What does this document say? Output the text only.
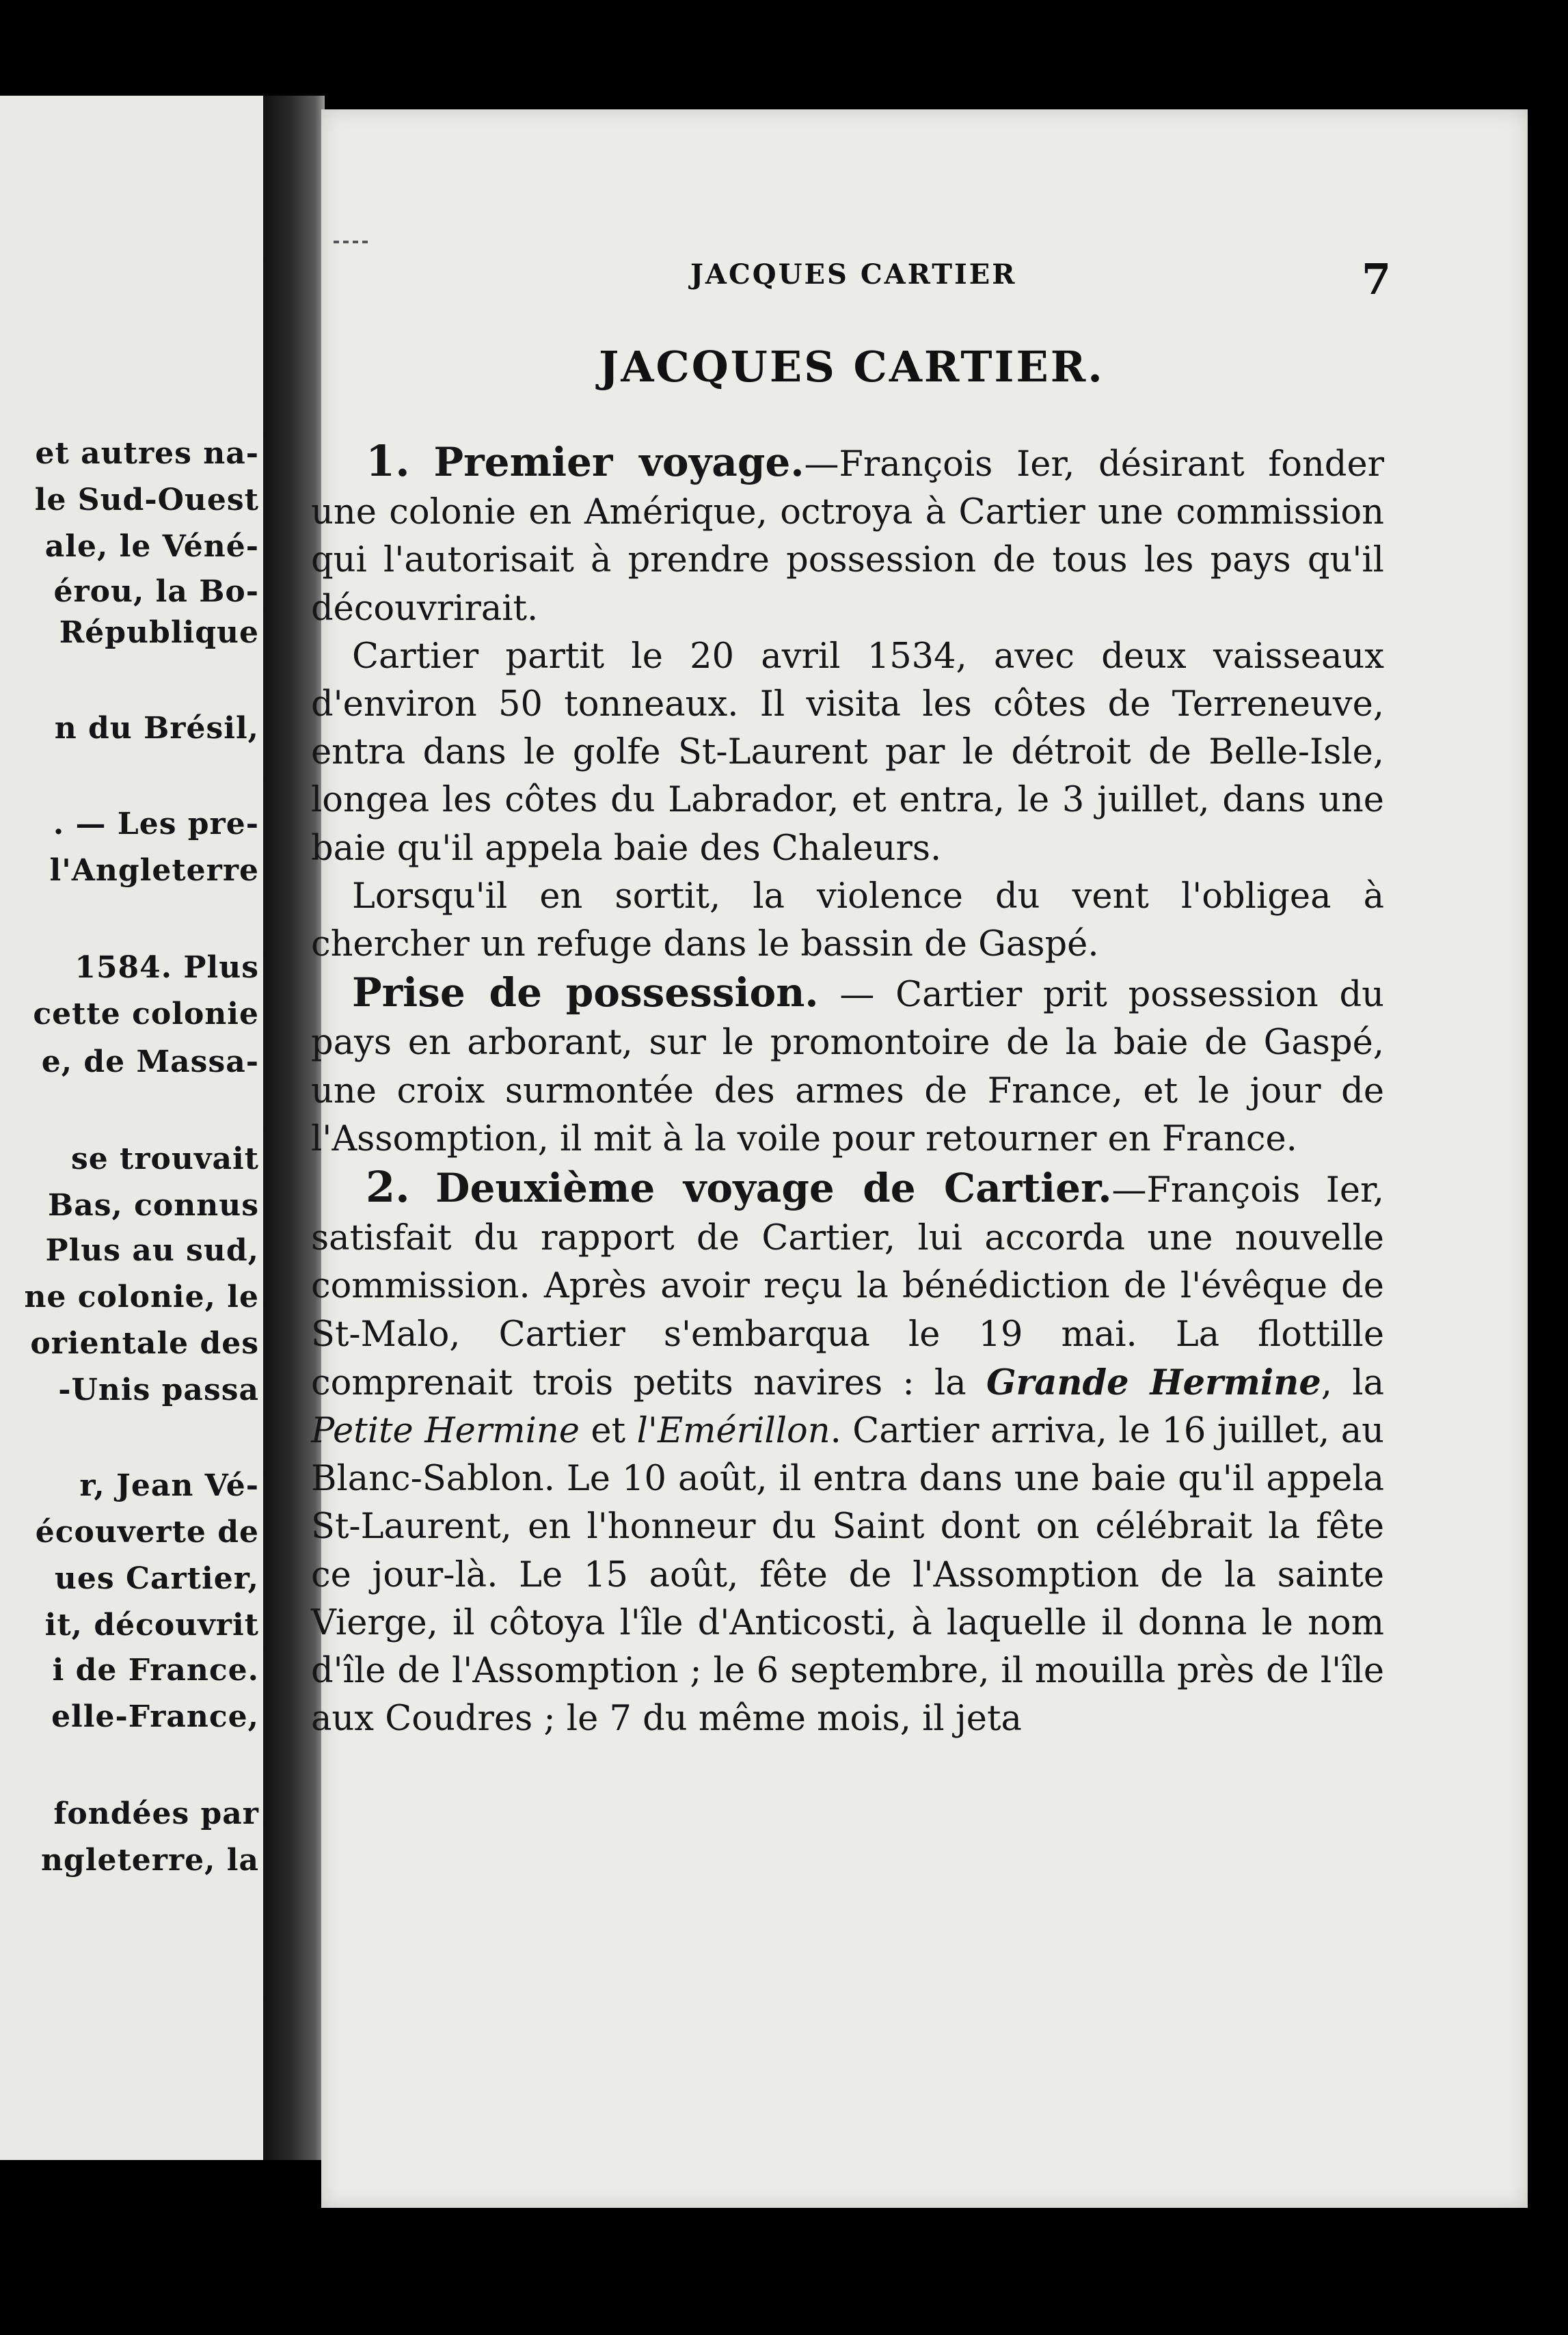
et autres na-
le Sud-Ouest
ale, le Véné-
érou, la Bo-
République
n du Brésil,
. — Les pre-
l'Angleterre
1584. Plus
cette colonie
e, de Massa-
se trouvait
Bas, connus
Plus au sud,
ne colonie, le
orientale des
-Unis passa
r, Jean Vé-
écouverte de
ues Cartier,
it, découvrit
i de France.
elle-France,
fondées par
ngleterre, la
JACQUES CARTIER	7
JACQUES CARTIER.

1. Premier voyage.—François Ier, désirant fonder une colonie en Amérique, octroya à Cartier une commission qui l'autorisait à prendre possession de tous les pays qu'il découvrirait.

Cartier partit le 20 avril 1534, avec deux vaisseaux d'environ 50 tonneaux. Il visita les côtes de Terreneuve, entra dans le golfe St-Laurent par le détroit de Belle-Isle, longea les côtes du Labrador, et entra, le 3 juillet, dans une baie qu'il appela baie des Chaleurs.

Lorsqu'il en sortit, la violence du vent l'obligea à chercher un refuge dans le bassin de Gaspé.

Prise de possession. — Cartier prit possession du pays en arborant, sur le promontoire de la baie de Gaspé, une croix surmontée des armes de France, et le jour de l'Assomption, il mit à la voile pour retourner en France.

2. Deuxième voyage de Cartier.—François Ier, satisfait du rapport de Cartier, lui accorda une nouvelle commission. Après avoir reçu la bénédiction de l'évêque de St-Malo, Cartier s'embarqua le 19 mai. La flottille comprenait trois petits navires : la Grande Hermine, la Petite Hermine et l'Emérillon. Cartier arriva, le 16 juillet, au Blanc-Sablon. Le 10 août, il entra dans une baie qu'il appela St-Laurent, en l'honneur du Saint dont on célébrait la fête ce jour-là. Le 15 août, fête de l'Assomption de la sainte Vierge, il côtoya l'île d'Anticosti, à laquelle il donna le nom d'île de l'Assomption ; le 6 septembre, il mouilla près de l'île aux Coudres ; le 7 du même mois, il jeta
